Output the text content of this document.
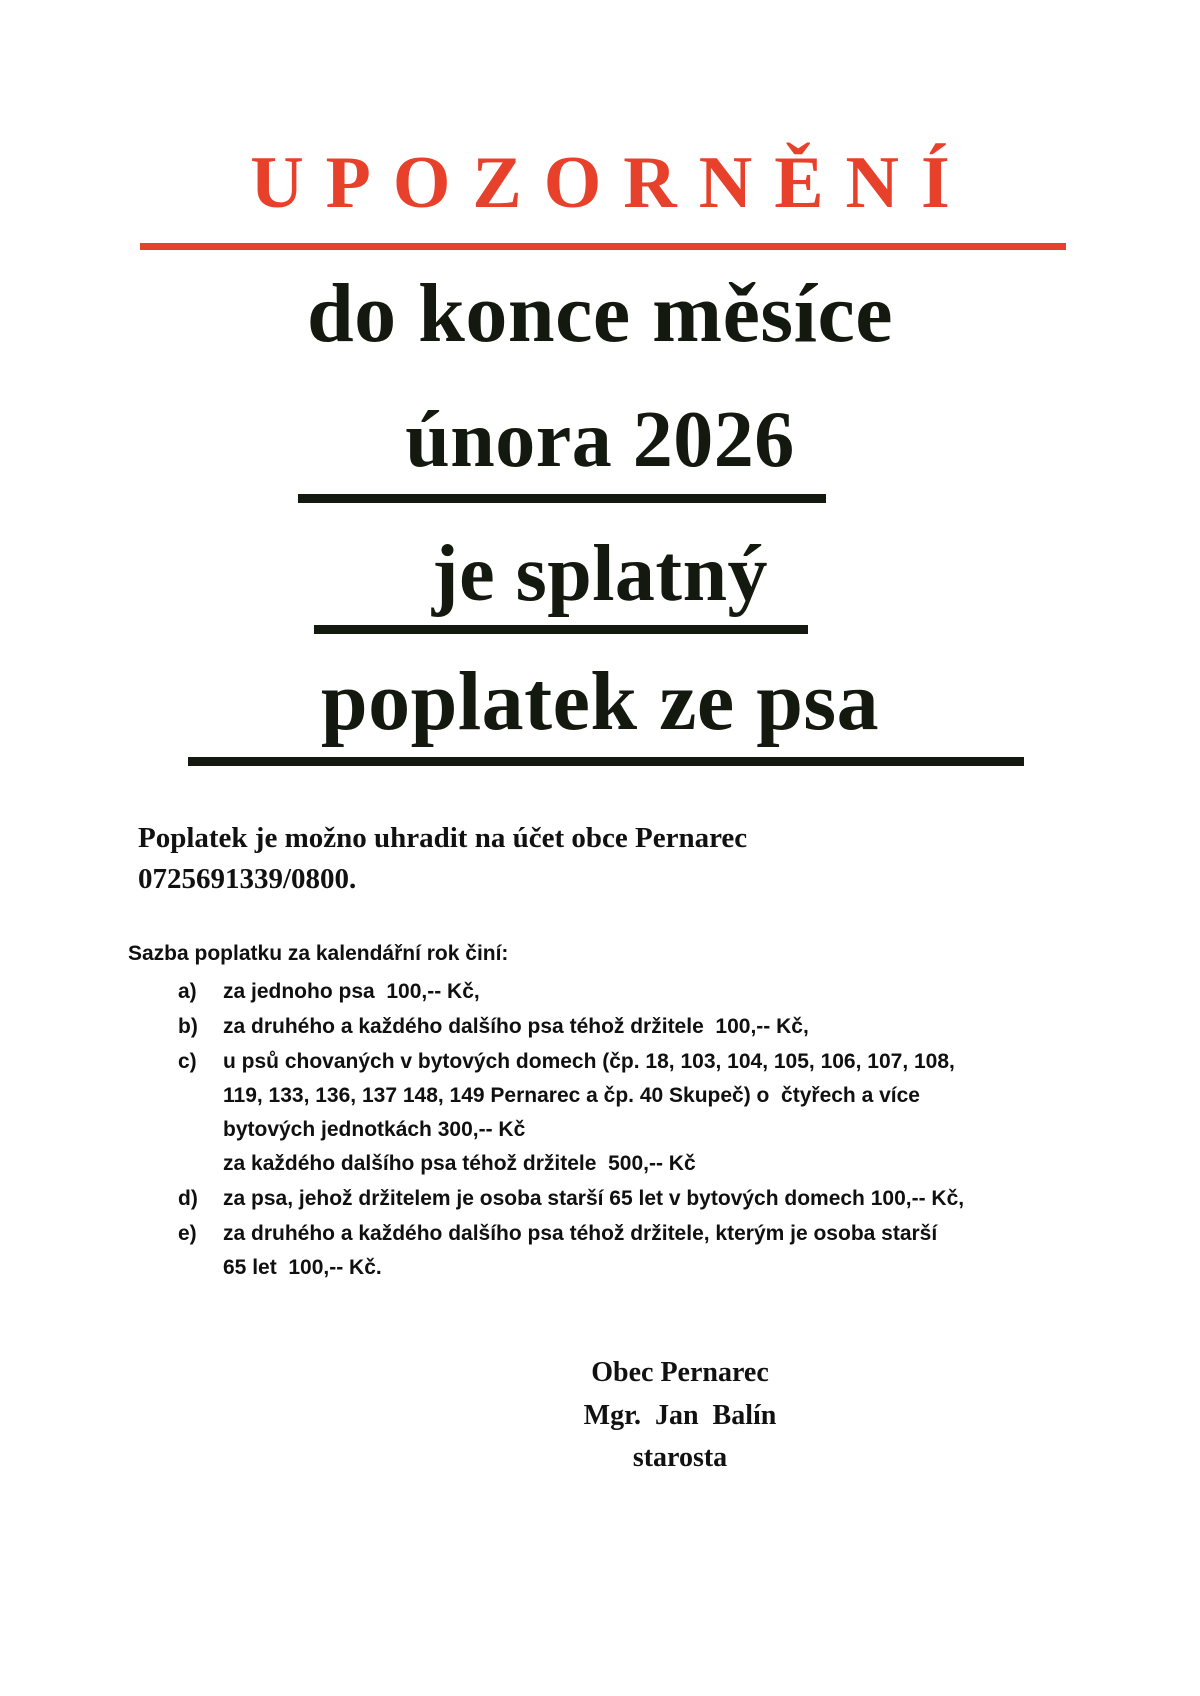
UPOZORNĚNÍ
do konce měsíce
února 2026
je splatný
poplatek ze psa
Poplatek je možno uhradit na účet obce Pernarec
0725691339/0800.

Sazba poplatku za kalendářní rok činí:

a)	za jednoho psa  100,-- Kč,
b)	za druhého a každého dalšího psa téhož držitele  100,-- Kč,
c)	u psů chovaných v bytových domech (čp. 18, 103, 104, 105, 106, 107, 108,
119, 133, 136, 137 148, 149 Pernarec a čp. 40 Skupeč) o  čtyřech a více
bytových jednotkách 300,-- Kč
za každého dalšího psa téhož držitele  500,-- Kč
d)	za psa, jehož držitelem je osoba starší 65 let v bytových domech 100,-- Kč,
e)	za druhého a každého dalšího psa téhož držitele, kterým je osoba starší
65 let  100,-- Kč.
Obec Pernarec
Mgr.  Jan  Balín
starosta
